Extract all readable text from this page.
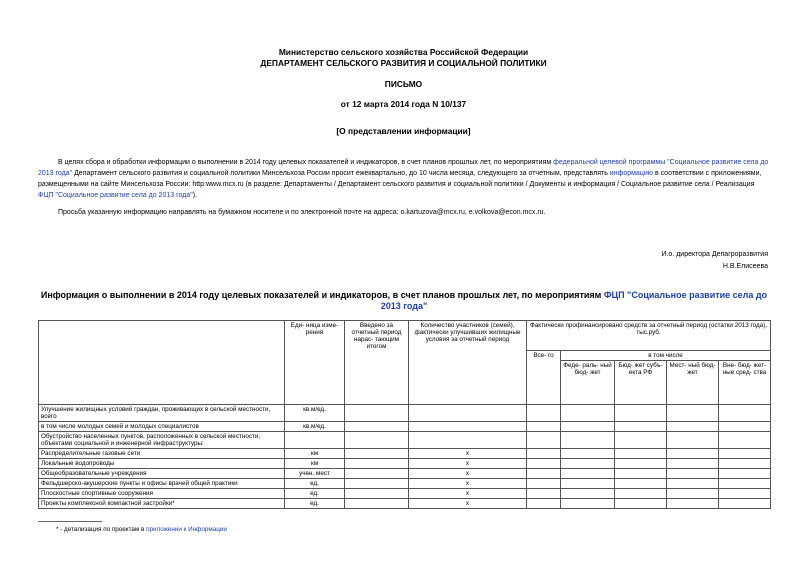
Министерство сельского хозяйства Российской Федерации
ДЕПАРТАМЕНТ СЕЛЬСКОГО РАЗВИТИЯ И СОЦИАЛЬНОЙ ПОЛИТИКИ
ПИСЬМО
от 12 марта 2014 года N 10/137
[О представлении информации]
В целях сбора и обработки информации о выполнении в 2014 году целевых показателей и индикаторов, в счет планов прошлых лет, по мероприятиям федеральной целевой программы "Социальное развитие села до 2013 года" Департамент сельского развития и социальной политики Минсельхоза России просит ежеквартально, до 10 числа месяца, следующего за отчетным, представлять информацию в соответствии с приложениями, размещенными на сайте Минсельхоза России: http:www.mcx.ru (в разделе: Департаменты / Департамент сельского развития и социальной политики / Документы и информация / Социальное развитие села / Реализация ФЦП "Социальное развитие села до 2013 года").
Просьба указанную информацию направлять на бумажном носителе и по электронной почте на адреса: o.kartuzova@mcx.ru, e.volkova@econ.mcx.ru.
И.о. директора Депагроразвития
Н.В.Елисеева
Информация о выполнении в 2014 году целевых показателей и индикаторов, в счет планов прошлых лет, по мероприятиям ФЦП "Социальное развитие села до 2013 года"
	Еди- ница изме- рения	Введено за отчетный период нарас- тающим итогом	Количество участников (семей), фактически улучшивших жилищные условия за отчетный период	Фактически профинансировано средств за отчетный период (остатки 2013 года), тыс.руб.				
				Все- го	в том числе			
					Феде- раль- ный бюд- жет	Бюд- жет субъ- екта РФ	Мест- ный бюд- жет	Вне- бюд- жет- ные сред- ства
Улучшение жилищных условий граждан, проживающих в сельской местности, всего	кв.м/ед.							
в том числе молодых семей и молодых специалистов	кв.м/ед.							
Обустройство населенных пунктов, расположенных в сельской местности, объектами социальной и инженерной инфраструктуры:								
Распределительные газовые сети	км		x					
Локальные водопроводы	км		x					
Общеобразовательные учреждения	учен. мест		x					
Фельдшерско-акушерские пункты и офисы врачей общей практики	ед.		x					
Плоскостные спортивные сооружения	ед.		x					
Проекты комплексной компактной застройки*	ед.		x					
* - детализация по проектам в приложении к Информации
